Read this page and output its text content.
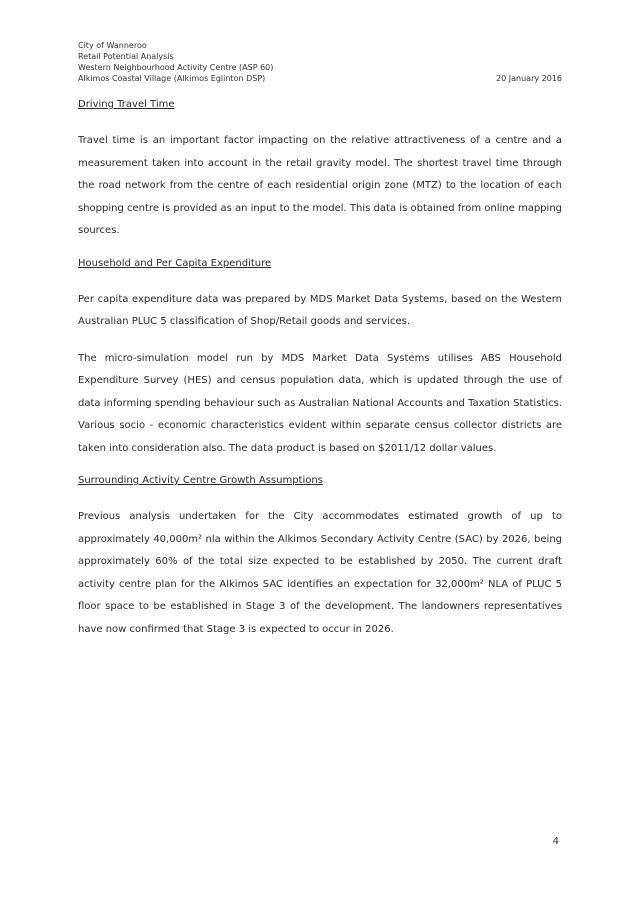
City of Wanneroo
Retail Potential Analysis
Western Neighbourhood Activity Centre (ASP 60)
Alkimos Coastal Village (Alkimos Eglinton DSP)	20 January 2016
Driving Travel Time

Travel time is an important factor impacting on the relative attractiveness of a centre and a measurement taken into account in the retail gravity model. The shortest travel time through the road network from the centre of each residential origin zone (MTZ) to the location of each shopping centre is provided as an input to the model. This data is obtained from online mapping sources.

Household and Per Capita Expenditure

Per capita expenditure data was prepared by MDS Market Data Systems, based on the Western Australian PLUC 5 classification of Shop/Retail goods and services.

The micro-simulation model run by MDS Market Data Systems utilises ABS Household Expenditure Survey (HES) and census population data, which is updated through the use of data informing spending behaviour such as Australian National Accounts and Taxation Statistics. Various socio - economic characteristics evident within separate census collector districts are taken into consideration also. The data product is based on $2011/12 dollar values.

Surrounding Activity Centre Growth Assumptions

Previous analysis undertaken for the City accommodates estimated growth of up to approximately 40,000m² nla within the Alkimos Secondary Activity Centre (SAC) by 2026, being approximately 60% of the total size expected to be established by 2050. The current draft activity centre plan for the Alkimos SAC identifies an expectation for 32,000m² NLA of PLUC 5 floor space to be established in Stage 3 of the development. The landowners representatives have now confirmed that Stage 3 is expected to occur in 2026.

4
